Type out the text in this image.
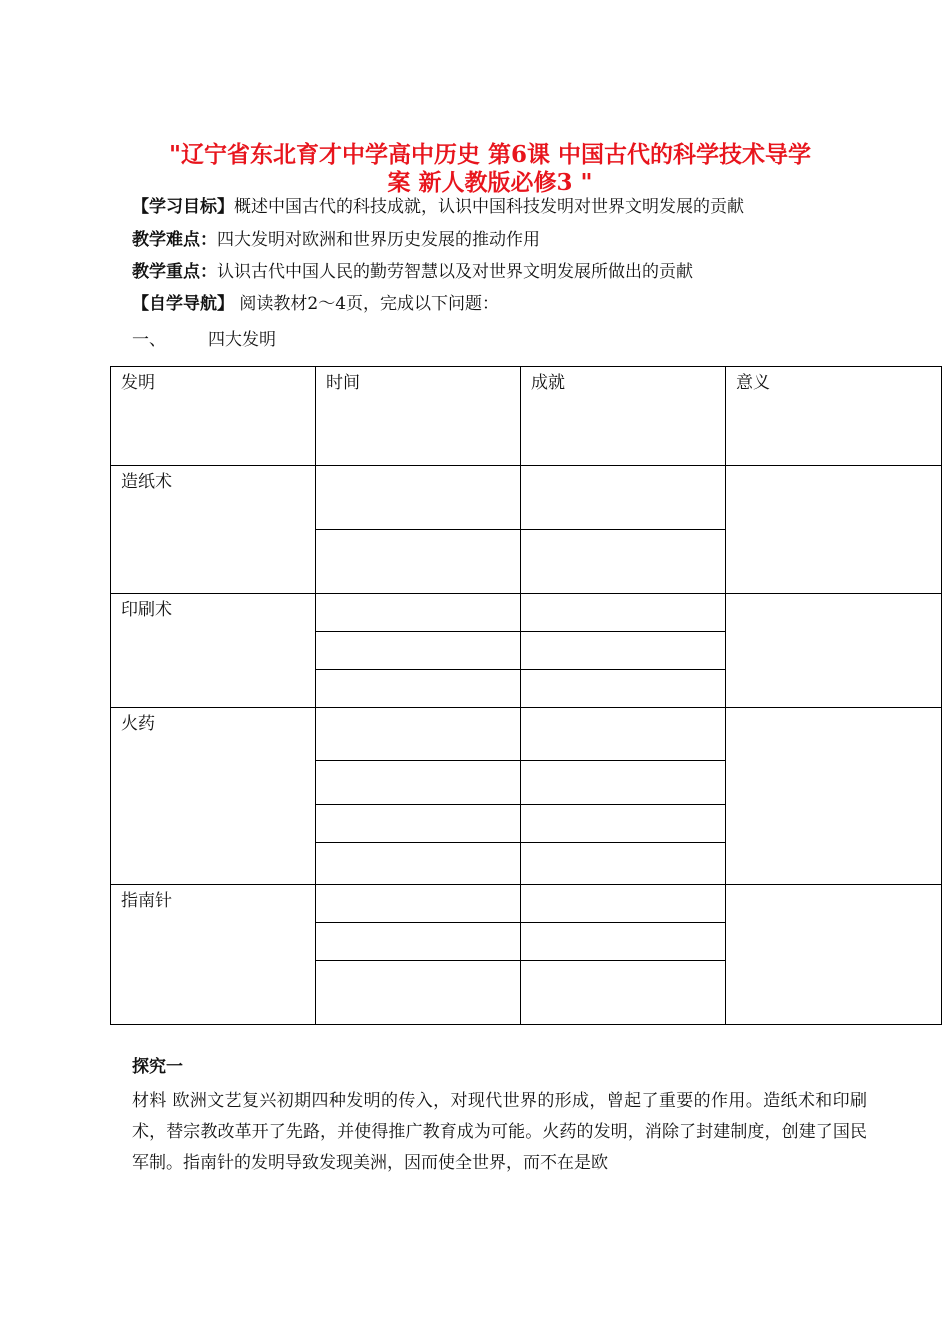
"辽宁省东北育才中学高中历史 第6课 中国古代的科学技术导学
案 新人教版必修3 "
【学习目标】概述中国古代的科技成就，认识中国科技发明对世界文明发展的贡献
教学难点：四大发明对欧洲和世界历史发展的推动作用
教学重点：认识古代中国人民的勤劳智慧以及对世界文明发展所做出的贡献
【自学导航】 阅读教材2～4页，完成以下问题：
一、 四大发明
发明	时间	成就	意义
造纸术			

印刷术			

火药			

指南针			

探究一
材料 欧洲文艺复兴初期四种发明的传入，对现代世界的形成，曾起了重要的作用。造纸术和印刷术，替宗教改革开了先路，并使得推广教育成为可能。火药的发明，消除了封建制度，创建了国民军制。指南针的发明导致发现美洲，因而使全世界，而不在是欧
